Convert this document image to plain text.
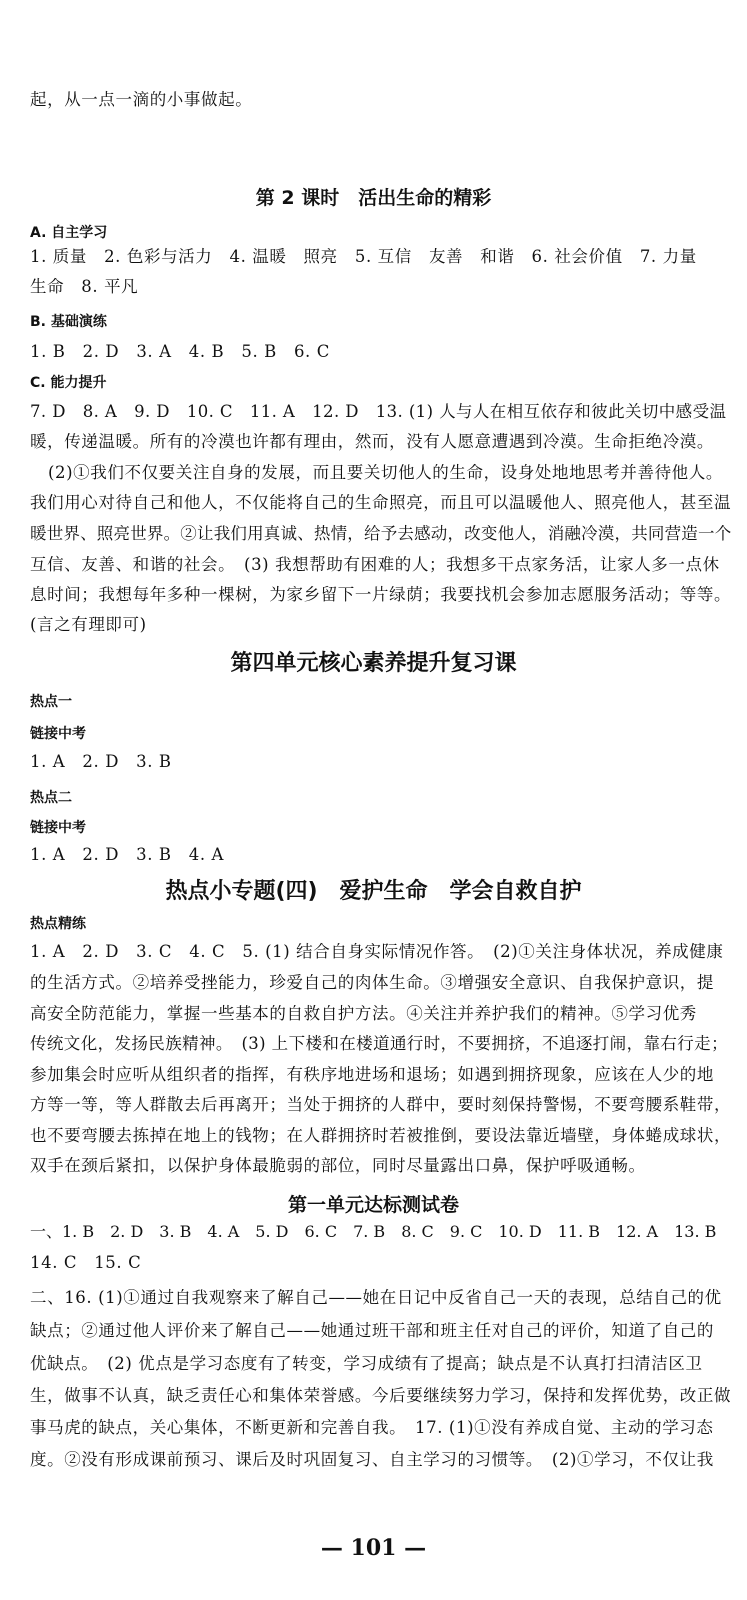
起，从一点一滴的小事做起。
第 2 课时　活出生命的精彩
A. 自主学习
1. 质量　2. 色彩与活力　4. 温暖　照亮　5. 互信　友善　和谐　6. 社会价值　7. 力量
生命　8. 平凡
B. 基础演练
1. B　2. D　3. A　4. B　5. B　6. C
C. 能力提升
7. D　8. A　9. D　10. C　11. A　12. D　13. (1) 人与人在相互依存和彼此关切中感受温
暖，传递温暖。所有的冷漠也许都有理由，然而，没有人愿意遭遇到冷漠。生命拒绝冷漠。
(2)①我们不仅要关注自身的发展，而且要关切他人的生命，设身处地地思考并善待他人。
我们用心对待自己和他人，不仅能将自己的生命照亮，而且可以温暖他人、照亮他人，甚至温
暖世界、照亮世界。②让我们用真诚、热情，给予去感动，改变他人，消融冷漠，共同营造一个
互信、友善、和谐的社会。　(3) 我想帮助有困难的人；我想多干点家务活，让家人多一点休
息时间；我想每年多种一棵树，为家乡留下一片绿荫；我要找机会参加志愿服务活动；等等。
(言之有理即可)
第四单元核心素养提升复习课
热点一
链接中考
1. A　2. D　3. B
热点二
链接中考
1. A　2. D　3. B　4. A
热点小专题(四)　爱护生命　学会自救自护
热点精练
1. A　2. D　3. C　4. C　5. (1) 结合自身实际情况作答。　(2)①关注身体状况，养成健康
的生活方式。②培养受挫能力，珍爱自己的肉体生命。③增强安全意识、自我保护意识，提
高安全防范能力，掌握一些基本的自救自护方法。④关注并养护我们的精神。⑤学习优秀
传统文化，发扬民族精神。　(3) 上下楼和在楼道通行时，不要拥挤，不追逐打闹，靠右行走；
参加集会时应听从组织者的指挥，有秩序地进场和退场；如遇到拥挤现象，应该在人少的地
方等一等，等人群散去后再离开；当处于拥挤的人群中，要时刻保持警惕，不要弯腰系鞋带，
也不要弯腰去拣掉在地上的钱物；在人群拥挤时若被推倒，要设法靠近墙壁，身体蜷成球状，
双手在颈后紧扣，以保护身体最脆弱的部位，同时尽量露出口鼻，保护呼吸通畅。
第一单元达标测试卷
一、1. B　2. D　3. B　4. A　5. D　6. C　7. B　8. C　9. C　10. D　11. B　12. A　13. B
14. C　15. C
二、16. (1)①通过自我观察来了解自己——她在日记中反省自己一天的表现，总结自己的优
缺点；②通过他人评价来了解自己——她通过班干部和班主任对自己的评价，知道了自己的
优缺点。　(2) 优点是学习态度有了转变，学习成绩有了提高；缺点是不认真打扫清洁区卫
生，做事不认真，缺乏责任心和集体荣誉感。今后要继续努力学习，保持和发挥优势，改正做
事马虎的缺点，关心集体，不断更新和完善自我。　17. (1)①没有养成自觉、主动的学习态
度。②没有形成课前预习、课后及时巩固复习、自主学习的习惯等。　(2)①学习，不仅让我
— 101 —
